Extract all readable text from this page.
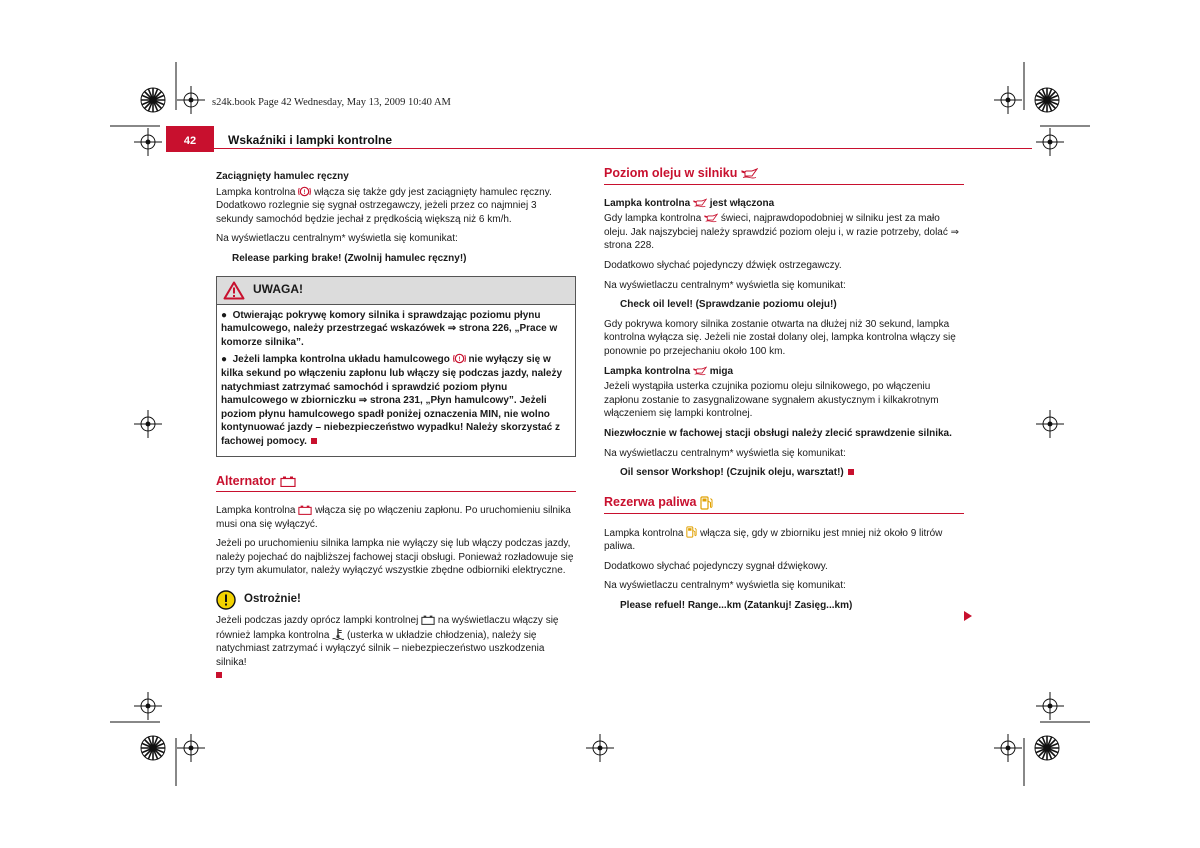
s24k.book Page 42 Wednesday, May 13, 2009 10:40 AM
42	Wskaźniki i lampki kontrolne

Zaciągnięty hamulec ręczny

Lampka kontrolna ! włącza się także gdy jest zaciągnięty hamulec ręczny. Dodatkowo rozlegnie się sygnał ostrzegawczy, jeżeli przez co najmniej 3 sekundy samochód będzie jechał z prędkością większą niż 6 km/h.

Na wyświetlaczu centralnym* wyświetla się komunikat:

Release parking brake! (Zwolnij hamulec ręczny!)

UWAGA!

●  Otwierając pokrywę komory silnika i sprawdzając poziomu płynu hamulcowego, należy przestrzegać wskazówek ⇒ strona 226, „Prace w komorze silnika”.

●  Jeżeli lampka kontrolna układu hamulcowego ! nie wyłączy się w kilka sekund po włączeniu zapłonu lub włączy się podczas jazdy, należy natychmiast zatrzymać samochód i sprawdzić poziom płynu hamulcowego w zbiorniczku ⇒ strona 231, „Płyn hamulcowy”. Jeżeli poziom płynu hamulcowego spadł poniżej oznaczenia MIN, nie wolno kontynuować jazdy – niebezpieczeństwo wypadku! Należy skorzystać z fachowej pomocy.

Alternator

Lampka kontrolna włącza się po włączeniu zapłonu. Po uruchomieniu silnika musi ona się wyłączyć.

Jeżeli po uruchomieniu silnika lampka nie wyłączy się lub włączy podczas jazdy, należy pojechać do najbliższej fachowej stacji obsługi. Ponieważ rozładowuje się przy tym akumulator, należy wyłączyć wszystkie zbędne odbiorniki elektryczne.

Ostrożnie!

Jeżeli podczas jazdy oprócz lampki kontrolnej na wyświetlaczu włączy się również lampka kontrolna (usterka w układzie chłodzenia), należy się natychmiast zatrzymać i wyłączyć silnik – niebezpieczeństwo uszkodzenia silnika!

Poziom oleju w silniku

Lampka kontrolna jest włączona

Gdy lampka kontrolna świeci, najprawdopodobniej w silniku jest za mało oleju. Jak najszybciej należy sprawdzić poziom oleju i, w razie potrzeby, dolać ⇒ strona 228.

Dodatkowo słychać pojedynczy dźwięk ostrzegawczy.

Na wyświetlaczu centralnym* wyświetla się komunikat:

Check oil level! (Sprawdzanie poziomu oleju!)

Gdy pokrywa komory silnika zostanie otwarta na dłużej niż 30 sekund, lampka kontrolna wyłącza się. Jeżeli nie został dolany olej, lampka kontrolna włączy się ponownie po przejechaniu około 100 km.

Lampka kontrolna miga

Jeżeli wystąpiła usterka czujnika poziomu oleju silnikowego, po włączeniu zapłonu zostanie to zasygnalizowane sygnałem akustycznym i kilkakrotnym włączeniem się lampki kontrolnej.

Niezwłocznie w fachowej stacji obsługi należy zlecić sprawdzenie silnika.

Na wyświetlaczu centralnym* wyświetla się komunikat:

Oil sensor Workshop! (Czujnik oleju, warsztat!)

Rezerwa paliwa

Lampka kontrolna włącza się, gdy w zbiorniku jest mniej niż około 9 litrów paliwa.

Dodatkowo słychać pojedynczy sygnał dźwiękowy.

Na wyświetlaczu centralnym* wyświetla się komunikat:

Please refuel! Range...km (Zatankuj! Zasięg...km)
